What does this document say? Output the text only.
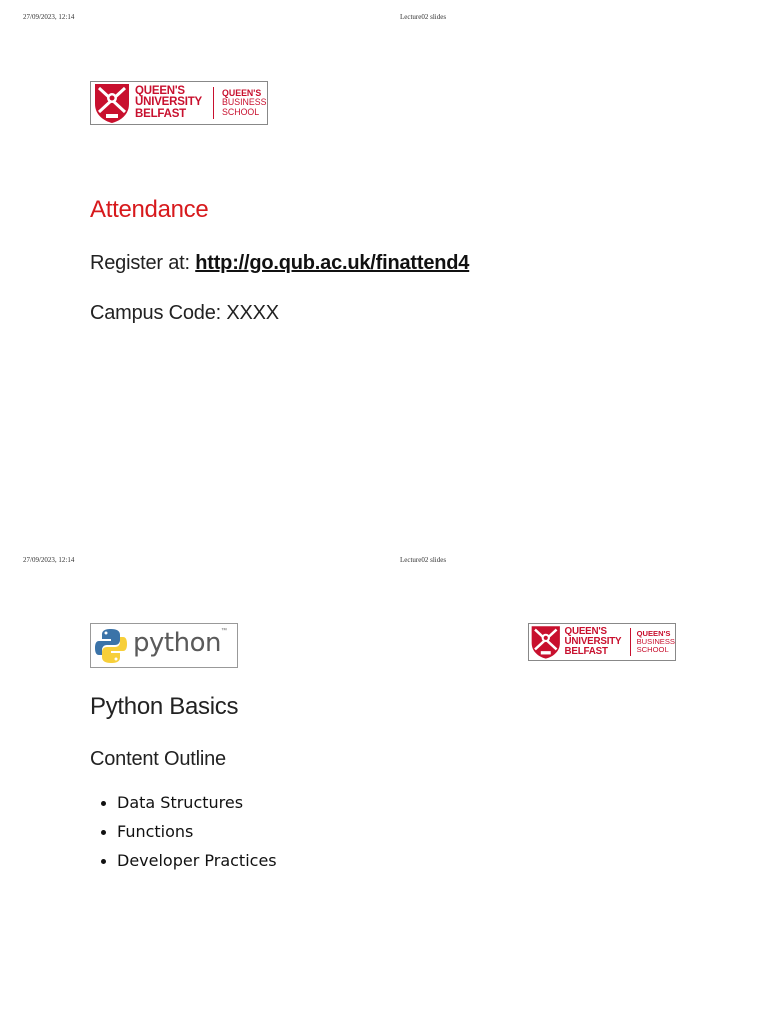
27/09/2023, 12:14	Lecture02 slides
QUEEN'S
UNIVERSITY
BELFAST
QUEEN'S
BUSINESS
SCHOOL
Attendance
Register at: http://go.qub.ac.uk/finattend4
Campus Code: XXXX
27/09/2023, 12:14	Lecture02 slides
python ™	QUEEN'S
UNIVERSITY
BELFAST
QUEEN'S
BUSINESS
SCHOOL
Python Basics
Content Outline
Data Structures
Functions
Developer Practices
